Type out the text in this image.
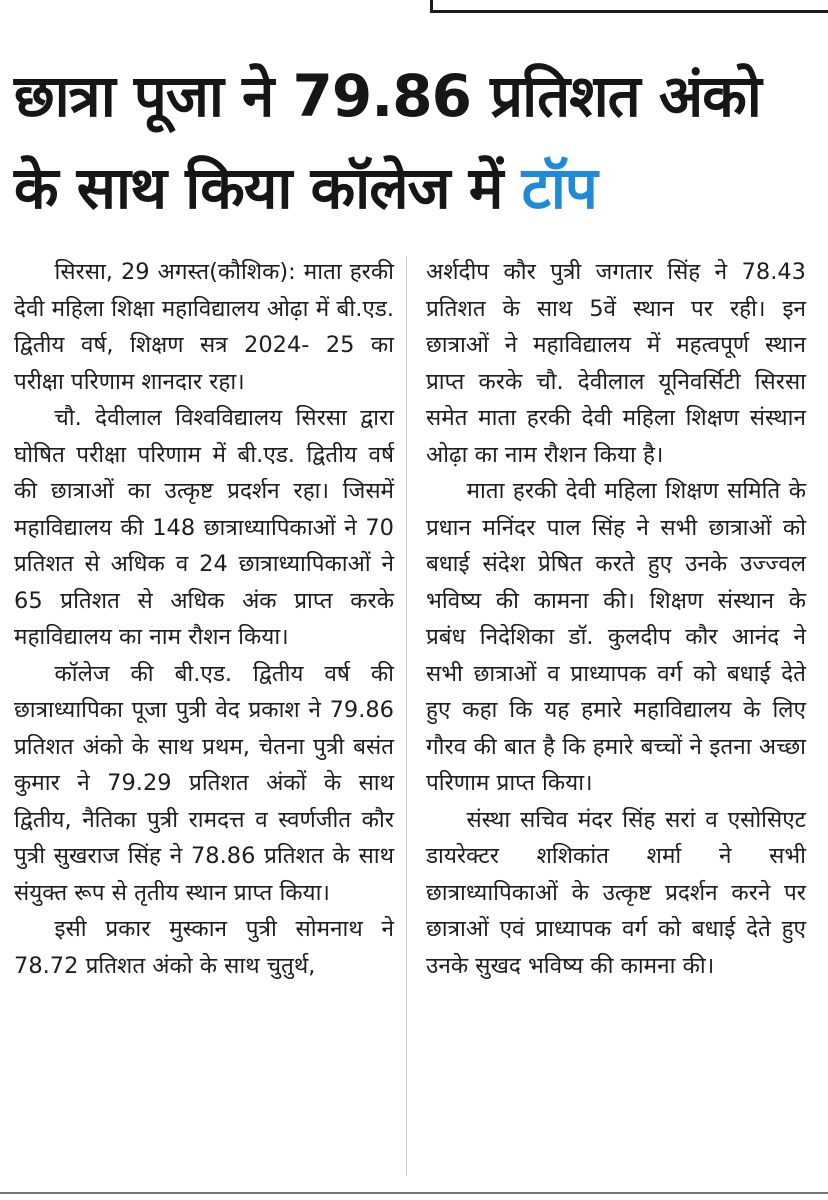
छात्रा पूजा ने 79.86 प्रतिशत अंको
के साथ किया कॉलेज में टॉप

सिरसा, 29 अगस्त(कौशिक): माता हरकी देवी महिला शिक्षा महाविद्यालय ओढ़ा में बी.एड. द्वितीय वर्ष, शिक्षण सत्र 2024- 25 का परीक्षा परिणाम शानदार रहा।

चौ. देवीलाल विश्वविद्यालय सिरसा द्वारा घोषित परीक्षा परिणाम में बी.एड. द्वितीय वर्ष की छात्राओं का उत्कृष्ट प्रदर्शन रहा। जिसमें महाविद्यालय की 148 छात्राध्यापिकाओं ने 70 प्रतिशत से अधिक व 24 छात्राध्यापिकाओं ने 65 प्रतिशत से अधिक अंक प्राप्त करके महाविद्यालय का नाम रौशन किया।

कॉलेज की बी.एड. द्वितीय वर्ष की छात्राध्यापिका पूजा पुत्री वेद प्रकाश ने 79.86 प्रतिशत अंको के साथ प्रथम, चेतना पुत्री बसंत कुमार ने 79.29 प्रतिशत अंकों के साथ द्वितीय, नैतिका पुत्री रामदत्त व स्वर्णजीत कौर पुत्री सुखराज सिंह ने 78.86 प्रतिशत के साथ संयुक्त रूप से तृतीय स्थान प्राप्त किया।

इसी प्रकार मुस्कान पुत्री सोमनाथ ने 78.72 प्रतिशत अंको के साथ चुतुर्थ,

अर्शदीप कौर पुत्री जगतार सिंह ने 78.43 प्रतिशत के साथ 5वें स्थान पर रही। इन छात्राओं ने महाविद्यालय में महत्वपूर्ण स्थान प्राप्त करके चौ. देवीलाल यूनिवर्सिटी सिरसा समेत माता हरकी देवी महिला शिक्षण संस्थान ओढ़ा का नाम रौशन किया है।

माता हरकी देवी महिला शिक्षण समिति के प्रधान मनिंदर पाल सिंह ने सभी छात्राओं को बधाई संदेश प्रेषित करते हुए उनके उज्ज्वल भविष्य की कामना की। शिक्षण संस्थान के प्रबंध निदेशिका डॉ. कुलदीप कौर आनंद ने सभी छात्राओं व प्राध्यापक वर्ग को बधाई देते हुए कहा कि यह हमारे महाविद्यालय के लिए गौरव की बात है कि हमारे बच्चों ने इतना अच्छा परिणाम प्राप्त किया।

संस्था सचिव मंदर सिंह सरां व एसोसिएट डायरेक्टर शशिकांत शर्मा ने सभी छात्राध्यापिकाओं के उत्कृष्ट प्रदर्शन करने पर छात्राओं एवं प्राध्यापक वर्ग को बधाई देते हुए उनके सुखद भविष्य की कामना की।
